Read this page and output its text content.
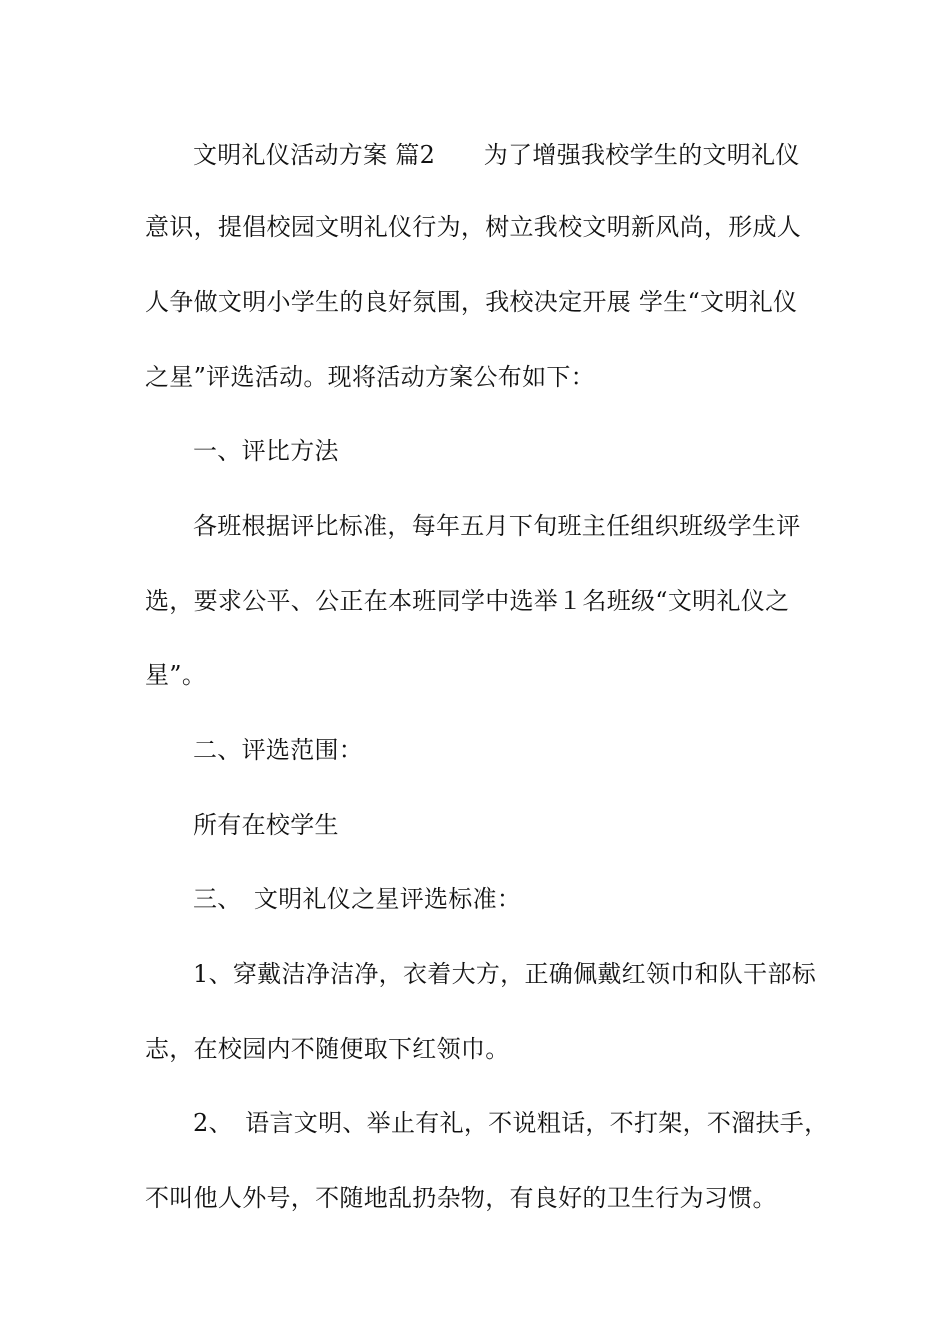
文明礼仪活动方案 篇2　　为了增强我校学生的文明礼仪

意识，提倡校园文明礼仪行为，树立我校文明新风尚，形成人

人争做文明小学生的良好氛围，我校决定开展 学生“文明礼仪

之星”评选活动。现将活动方案公布如下：

一、评比方法

各班根据评比标准，每年五月下旬班主任组织班级学生评

选，要求公平、公正在本班同学中选举１名班级“文明礼仪之

星”。

二、评选范围：

所有在校学生

三、　文明礼仪之星评选标准：

1、穿戴洁净洁净，衣着大方，正确佩戴红领巾和队干部标

志，在校园内不随便取下红领巾。

2、　语言文明、举止有礼，不说粗话，不打架，不溜扶手，

不叫他人外号，不随地乱扔杂物，有良好的卫生行为习惯。
